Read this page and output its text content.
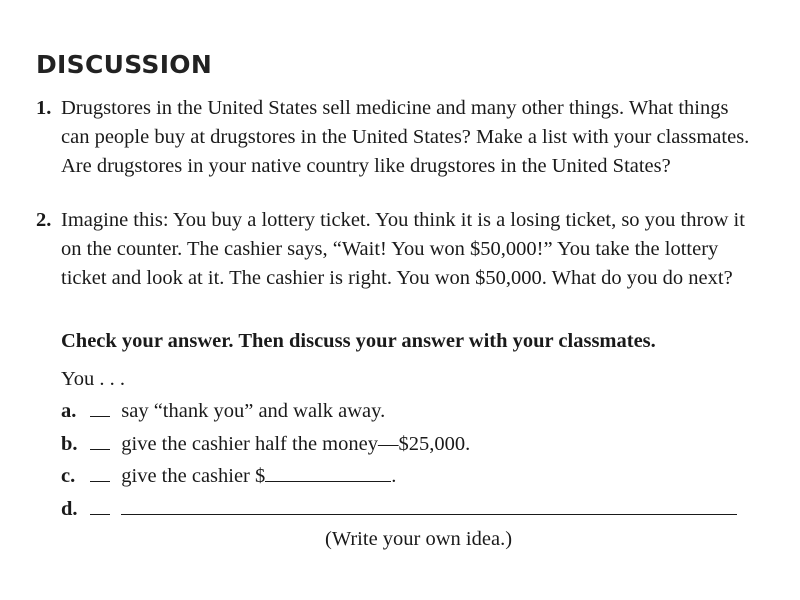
DISCUSSION
1. Drugstores in the United States sell medicine and many other things. What things can people buy at drugstores in the United States? Make a list with your classmates. Are drugstores in your native country like drugstores in the United States?
2. Imagine this: You buy a lottery ticket. You think it is a losing ticket, so you throw it on the counter. The cashier says, “Wait! You won $50,000!” You take the lottery ticket and look at it. The cashier is right. You won $50,000. What do you do next?
Check your answer. Then discuss your answer with your classmates.
You . . .
a. say “thank you” and walk away.
b. give the cashier half the money—$25,000.
c. give the cashier $	.
d.
(Write your own idea.)
